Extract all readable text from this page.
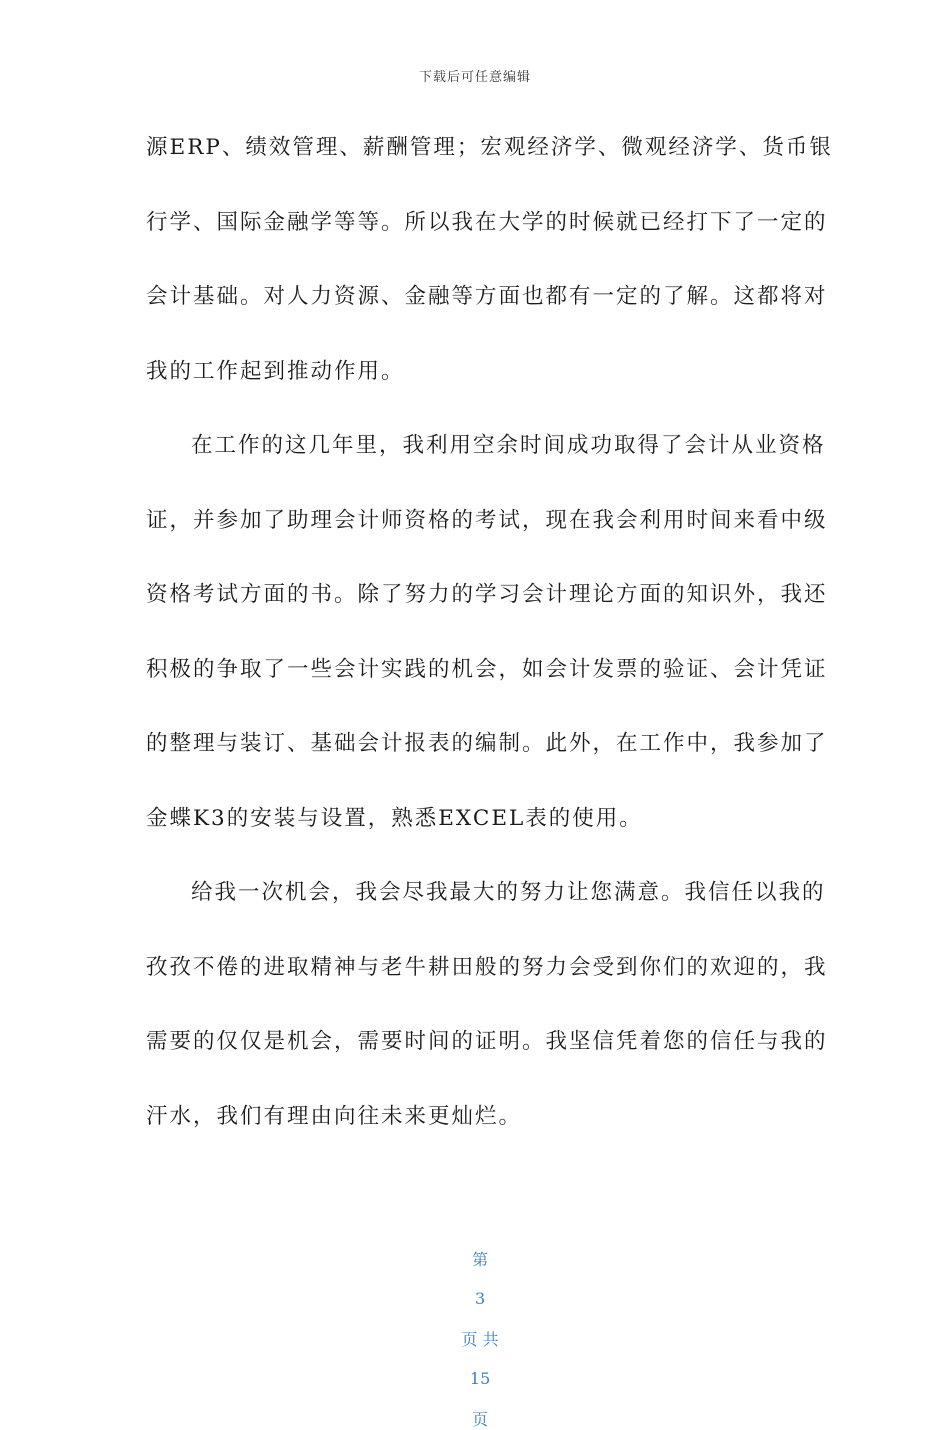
下载后可任意编辑
源ERP、绩效管理、薪酬管理；宏观经济学、微观经济学、货币银
行学、国际金融学等等。所以我在大学的时候就已经打下了一定的
会计基础。对人力资源、金融等方面也都有一定的了解。这都将对
我的工作起到推动作用。
在工作的这几年里，我利用空余时间成功取得了会计从业资格
证，并参加了助理会计师资格的考试，现在我会利用时间来看中级
资格考试方面的书。除了努力的学习会计理论方面的知识外，我还
积极的争取了一些会计实践的机会，如会计发票的验证、会计凭证
的整理与装订、基础会计报表的编制。此外，在工作中，我参加了
金蝶K3的安装与设置，熟悉EXCEL表的使用。
给我一次机会，我会尽我最大的努力让您满意。我信任以我的
孜孜不倦的进取精神与老牛耕田般的努力会受到你们的欢迎的，我
需要的仅仅是机会，需要时间的证明。我坚信凭着您的信任与我的
汗水，我们有理由向往未来更灿烂。

第

3

页 共

15

页
